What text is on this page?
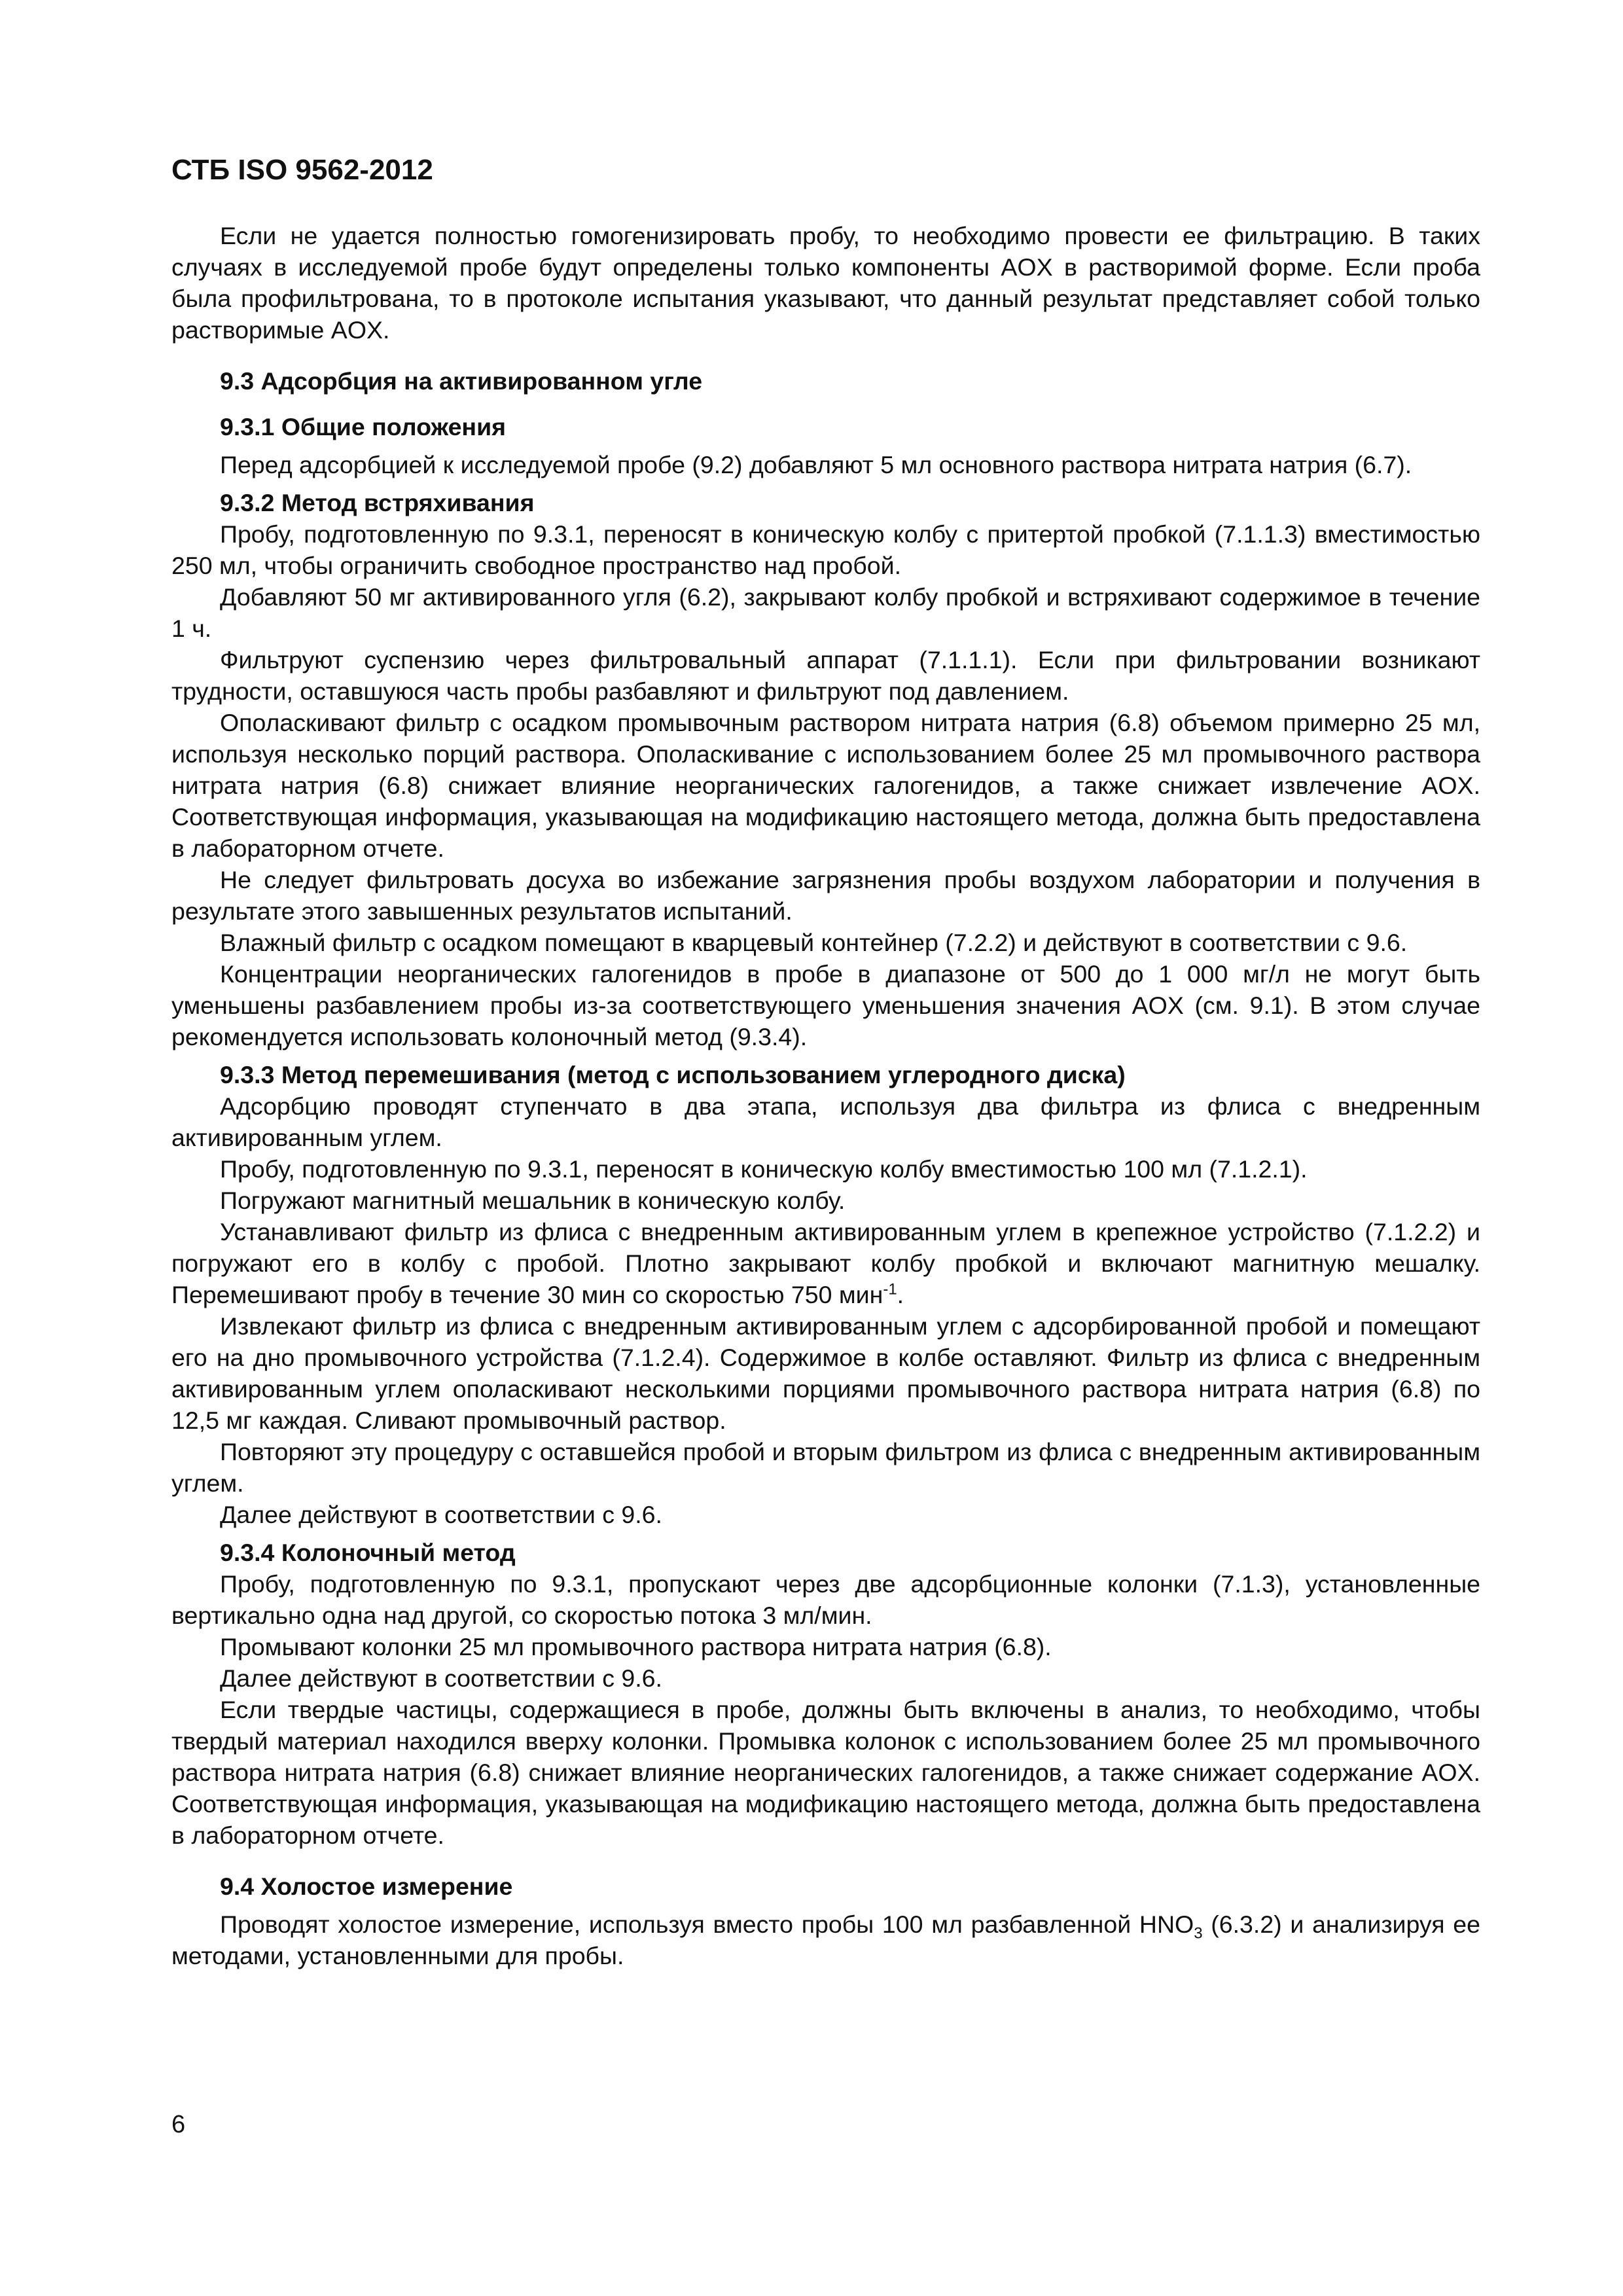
СТБ ISO 9562-2012

Если не удается полностью гомогенизировать пробу, то необходимо провести ее фильтрацию. В таких случаях в исследуемой пробе будут определены только компоненты AOX в растворимой форме. Если проба была профильтрована, то в протоколе испытания указывают, что данный результат представляет собой только растворимые AOX.

9.3 Адсорбция на активированном угле
9.3.1 Общие положения

Перед адсорбцией к исследуемой пробе (9.2) добавляют 5 мл основного раствора нитрата натрия (6.7).

9.3.2 Метод встряхивания

Пробу, подготовленную по 9.3.1, переносят в коническую колбу с притертой пробкой (7.1.1.3) вместимостью 250 мл, чтобы ограничить свободное пространство над пробой.

Добавляют 50 мг активированного угля (6.2), закрывают колбу пробкой и встряхивают содержимое в течение 1 ч.

Фильтруют суспензию через фильтровальный аппарат (7.1.1.1). Если при фильтровании возникают трудности, оставшуюся часть пробы разбавляют и фильтруют под давлением.

Ополаскивают фильтр с осадком промывочным раствором нитрата натрия (6.8) объемом примерно 25 мл, используя несколько порций раствора. Ополаскивание с использованием более 25 мл промывочного раствора нитрата натрия (6.8) снижает влияние неорганических галогенидов, а также снижает извлечение AOX. Соответствующая информация, указывающая на модификацию настоящего метода, должна быть предоставлена в лабораторном отчете.

Не следует фильтровать досуха во избежание загрязнения пробы воздухом лаборатории и получения в результате этого завышенных результатов испытаний.

Влажный фильтр с осадком помещают в кварцевый контейнер (7.2.2) и действуют в соответствии с 9.6.

Концентрации неорганических галогенидов в пробе в диапазоне от 500 до 1 000 мг/л не могут быть уменьшены разбавлением пробы из-за соответствующего уменьшения значения AOX (см. 9.1). В этом случае рекомендуется использовать колоночный метод (9.3.4).

9.3.3 Метод перемешивания (метод с использованием углеродного диска)

Адсорбцию проводят ступенчато в два этапа, используя два фильтра из флиса с внедренным активированным углем.

Пробу, подготовленную по 9.3.1, переносят в коническую колбу вместимостью 100 мл (7.1.2.1).

Погружают магнитный мешальник в коническую колбу.

Устанавливают фильтр из флиса с внедренным активированным углем в крепежное устройство (7.1.2.2) и погружают его в колбу с пробой. Плотно закрывают колбу пробкой и включают магнитную мешалку. Перемешивают пробу в течение 30 мин со скоростью 750 мин$^{-1}$.

Извлекают фильтр из флиса с внедренным активированным углем с адсорбированной пробой и помещают его на дно промывочного устройства (7.1.2.4). Содержимое в колбе оставляют. Фильтр из флиса с внедренным активированным углем ополаскивают несколькими порциями промывочного раствора нитрата натрия (6.8) по 12,5 мг каждая. Сливают промывочный раствор.

Повторяют эту процедуру с оставшейся пробой и вторым фильтром из флиса с внедренным активированным углем.

Далее действуют в соответствии с 9.6.

9.3.4 Колоночный метод

Пробу, подготовленную по 9.3.1, пропускают через две адсорбционные колонки (7.1.3), установленные вертикально одна над другой, со скоростью потока 3 мл/мин.

Промывают колонки 25 мл промывочного раствора нитрата натрия (6.8).

Далее действуют в соответствии с 9.6.

Если твердые частицы, содержащиеся в пробе, должны быть включены в анализ, то необходимо, чтобы твердый материал находился вверху колонки. Промывка колонок с использованием более 25 мл промывочного раствора нитрата натрия (6.8) снижает влияние неорганических галогенидов, а также снижает содержание AOX. Соответствующая информация, указывающая на модификацию настоящего метода, должна быть предоставлена в лабораторном отчете.

9.4 Холостое измерение

Проводят холостое измерение, используя вместо пробы 100 мл разбавленной $HNO_3$ (6.3.2) и анализируя ее методами, установленными для пробы.

6
